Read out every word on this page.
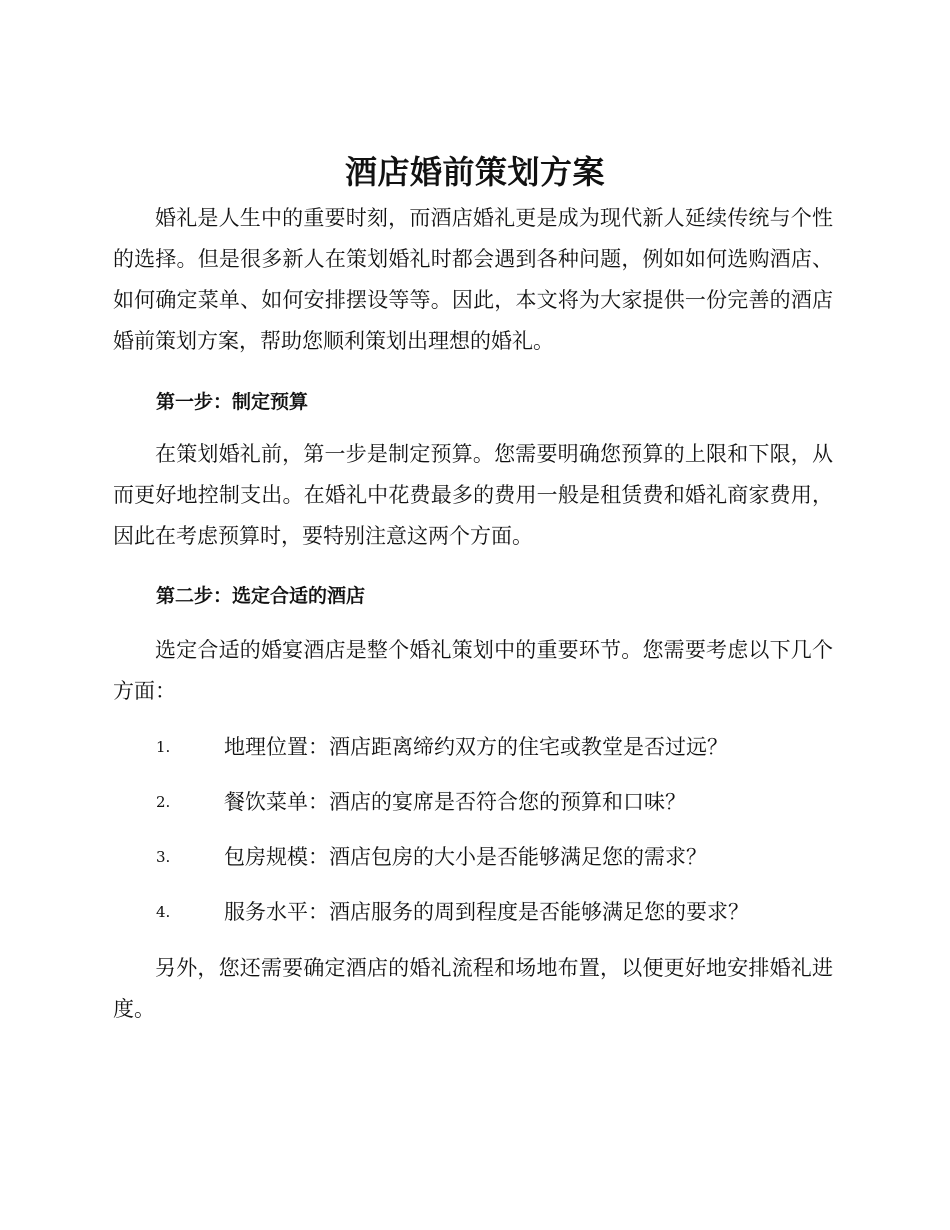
酒店婚前策划方案

婚礼是人生中的重要时刻，而酒店婚礼更是成为现代新人延续传统与个性的选择。但是很多新人在策划婚礼时都会遇到各种问题，例如如何选购酒店、如何确定菜单、如何安排摆设等等。因此，本文将为大家提供一份完善的酒店婚前策划方案，帮助您顺利策划出理想的婚礼。

第一步：制定预算

在策划婚礼前，第一步是制定预算。您需要明确您预算的上限和下限，从而更好地控制支出。在婚礼中花费最多的费用一般是租赁费和婚礼商家费用，因此在考虑预算时，要特别注意这两个方面。

第二步：选定合适的酒店

选定合适的婚宴酒店是整个婚礼策划中的重要环节。您需要考虑以下几个方面：

1.	地理位置：酒店距离缔约双方的住宅或教堂是否过远？
2.	餐饮菜单：酒店的宴席是否符合您的预算和口味？
3.	包房规模：酒店包房的大小是否能够满足您的需求？
4.	服务水平：酒店服务的周到程度是否能够满足您的要求？

另外，您还需要确定酒店的婚礼流程和场地布置，以便更好地安排婚礼进度。
